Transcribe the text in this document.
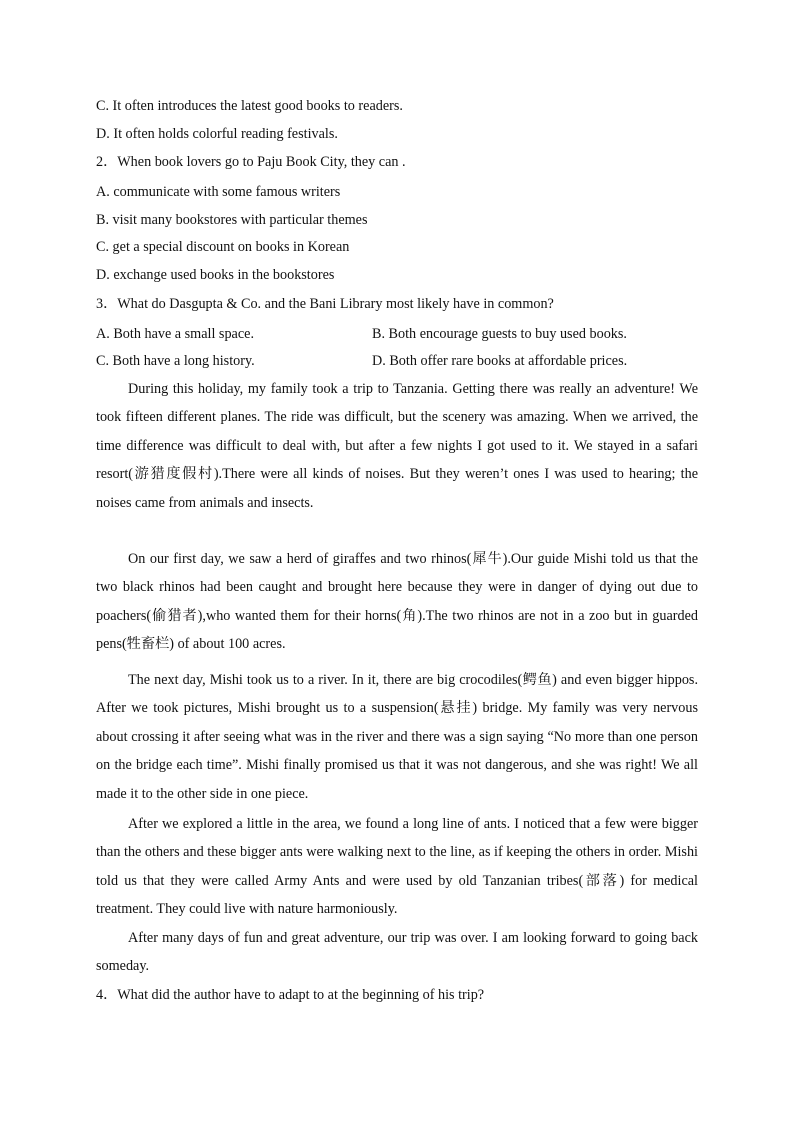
C. It often introduces the latest good books to readers.
D. It often holds colorful reading festivals.
2．When book lovers go to Paju Book City, they can .
A. communicate with some famous writers
B. visit many bookstores with particular themes
C. get a special discount on books in Korean
D. exchange used books in the bookstores
3．What do Dasgupta & Co. and the Bani Library most likely have in common?
A. Both have a small space.	B. Both encourage guests to buy used books.
C. Both have a long history.	D. Both offer rare books at affordable prices.
During this holiday, my family took a trip to Tanzania. Getting there was really an adventure! We took fifteen different planes. The ride was difficult, but the scenery was amazing. When we arrived, the time difference was difficult to deal with, but after a few nights I got used to it. We stayed in a safari resort(游猎度假村).There were all kinds of noises. But they weren’t ones I was used to hearing; the noises came from animals and insects.
On our first day, we saw a herd of giraffes and two rhinos(犀牛).Our guide Mishi told us that the two black rhinos had been caught and brought here because they were in danger of dying out due to poachers(偷猎者),who wanted them for their horns(角).The two rhinos are not in a zoo but in guarded pens(牲畜栏) of about 100 acres.
The next day, Mishi took us to a river. In it, there are big crocodiles(鳄鱼) and even bigger hippos. After we took pictures, Mishi brought us to a suspension(悬挂) bridge. My family was very nervous about crossing it after seeing what was in the river and there was a sign saying “No more than one person on the bridge each time”. Mishi finally promised us that it was not dangerous, and she was right! We all made it to the other side in one piece.
After we explored a little in the area, we found a long line of ants. I noticed that a few were bigger than the others and these bigger ants were walking next to the line, as if keeping the others in order. Mishi told us that they were called Army Ants and were used by old Tanzanian tribes(部落) for medical treatment. They could live with nature harmoniously.
After many days of fun and great adventure, our trip was over. I am looking forward to going back someday.
4．What did the author have to adapt to at the beginning of his trip?
